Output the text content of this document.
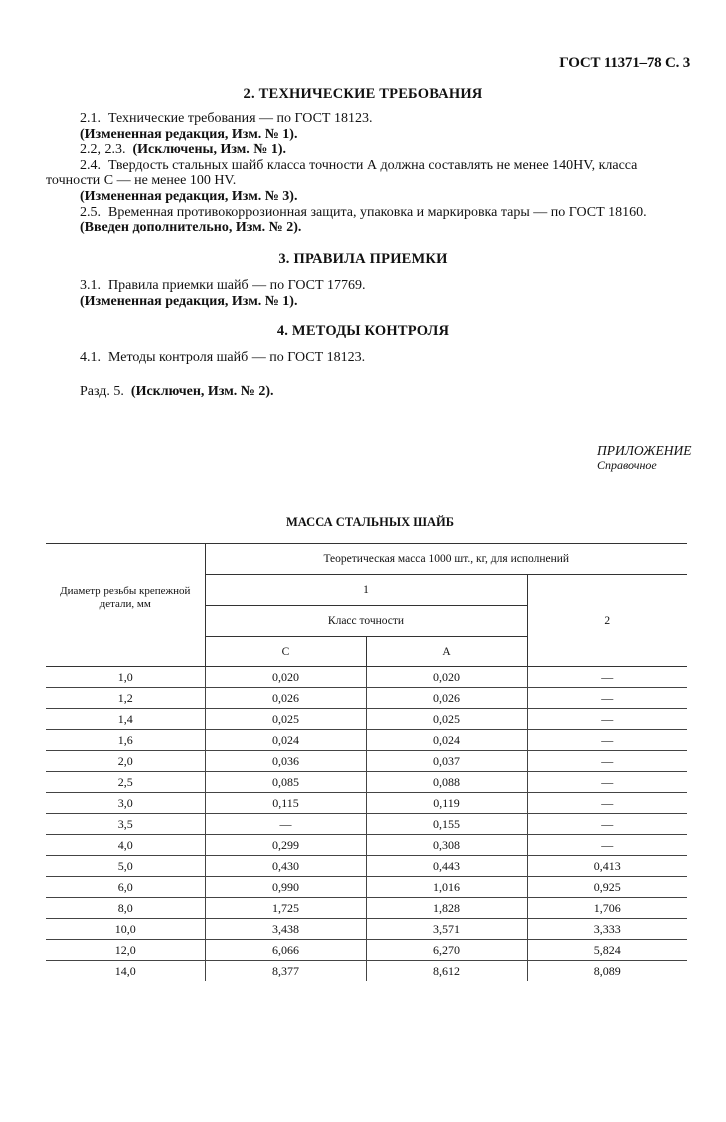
ГОСТ 11371–78 С. 3
2. ТЕХНИЧЕСКИЕ ТРЕБОВАНИЯ
2.1. Технические требования — по ГОСТ 18123.
(Измененная редакция, Изм. № 1).
2.2, 2.3. (Исключены, Изм. № 1).
2.4. Твердость стальных шайб класса точности А должна составлять не менее 140HV, класса
точности С — не менее 100 HV.
(Измененная редакция, Изм. № 3).
2.5. Временная противокоррозионная защита, упаковка и маркировка тары — по ГОСТ 18160.
(Введен дополнительно, Изм. № 2).
3. ПРАВИЛА ПРИЕМКИ
3.1. Правила приемки шайб — по ГОСТ 17769.
(Измененная редакция, Изм. № 1).
4. МЕТОДЫ КОНТРОЛЯ
4.1. Методы контроля шайб — по ГОСТ 18123.
Разд. 5. (Исключен, Изм. № 2).
ПРИЛОЖЕНИЕ
Справочное
МАССА СТАЛЬНЫХ ШАЙБ
Диаметр резьбы крепежной детали, мм	Теоретическая масса 1000 шт., кг, для исполнений		
	1		2
	Класс точности		
	С	А	
1,0	0,020	0,020	—
1,2	0,026	0,026	—
1,4	0,025	0,025	—
1,6	0,024	0,024	—
2,0	0,036	0,037	—
2,5	0,085	0,088	—
3,0	0,115	0,119	—
3,5	—	0,155	—
4,0	0,299	0,308	—
5,0	0,430	0,443	0,413
6,0	0,990	1,016	0,925
8,0	1,725	1,828	1,706
10,0	3,438	3,571	3,333
12,0	6,066	6,270	5,824
14,0	8,377	8,612	8,089
